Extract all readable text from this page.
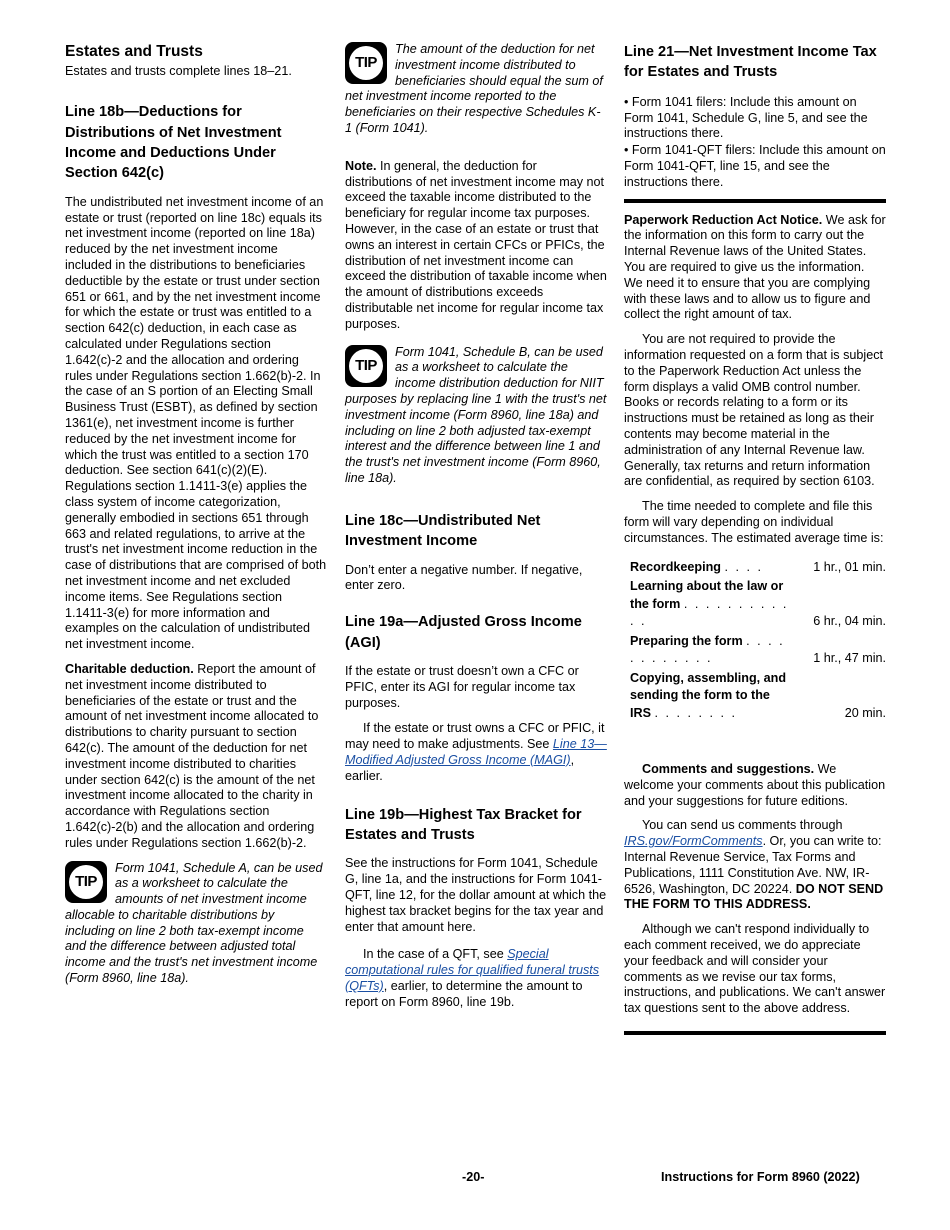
Estates and Trusts

Estates and trusts complete lines 18–21.

Line 18b—Deductions for Distributions of Net Investment Income and Deductions Under Section 642(c)

The undistributed net investment income of an estate or trust (reported on line 18c) equals its net investment income (reported on line 18a) reduced by the net investment income included in the distributions to beneficiaries deductible by the estate or trust under section 651 or 661, and by the net investment income for which the estate or trust was entitled to a section 642(c) deduction, in each case as calculated under Regulations section 1.642(c)-2 and the allocation and ordering rules under Regulations section 1.662(b)-2. In the case of an S portion of an Electing Small Business Trust (ESBT), as defined by section 1361(e), net investment income is further reduced by the net investment income for which the trust was entitled to a section 170 deduction. See section 641(c)(2)(E). Regulations section 1.1411-3(e) applies the class system of income categorization, generally embodied in sections 651 through 663 and related regulations, to arrive at the trust's net investment income reduction in the case of distributions that are comprised of both net investment income and net excluded income items. See Regulations section 1.1411-3(e) for more information and examples on the calculation of undistributed net investment income.

Charitable deduction. Report the amount of net investment income distributed to beneficiaries of the estate or trust and the amount of net investment income allocated to distributions to charity pursuant to section 642(c). The amount of the deduction for net investment income distributed to charities under section 642(c) is the amount of the net investment income allocated to the charity in accordance with Regulations section 1.642(c)-2(b) and the allocation and ordering rules under Regulations section 1.662(b)-2.

TIP
Form 1041, Schedule A, can be used as a worksheet to calculate the amounts of net investment income allocable to charitable distributions by including on line 2 both tax-exempt income and the difference between adjusted total income and the trust's net investment income (Form 8960, line 18a).
TIP
The amount of the deduction for net investment income distributed to beneficiaries should equal the sum of net investment income reported to the beneficiaries on their respective Schedules K-1 (Form 1041).

Note. In general, the deduction for distributions of net investment income may not exceed the taxable income distributed to the beneficiary for regular income tax purposes. However, in the case of an estate or trust that owns an interest in certain CFCs or PFICs, the distribution of net investment income can exceed the distribution of taxable income when the amount of distributions exceeds distributable net income for regular income tax purposes.

TIP
Form 1041, Schedule B, can be used as a worksheet to calculate the income distribution deduction for NIIT purposes by replacing line 1 with the trust's net investment income (Form 8960, line 18a) and including on line 2 both adjusted tax-exempt interest and the difference between line 1 and the trust's net investment income (Form 8960, line 18a).
Line 18c—Undistributed Net Investment Income

Don’t enter a negative number. If negative, enter zero.

Line 19a—Adjusted Gross Income (AGI)

If the estate or trust doesn’t own a CFC or PFIC, enter its AGI for regular income tax purposes.

If the estate or trust owns a CFC or PFIC, it may need to make adjustments. See Line 13—Modified Adjusted Gross Income (MAGI), earlier.

Line 19b—Highest Tax Bracket for Estates and Trusts

See the instructions for Form 1041, Schedule G, line 1a, and the instructions for Form 1041-QFT, line 12, for the dollar amount at which the highest tax bracket begins for the tax year and enter that amount here.

In the case of a QFT, see Special computational rules for qualified funeral trusts (QFTs), earlier, to determine the amount to report on Form 8960, line 19b.

Line 21—Net Investment Income Tax for Estates and Trusts
• Form 1041 filers: Include this amount on Form 1041, Schedule G, line 5, and see the instructions there.
• Form 1041-QFT filers: Include this amount on Form 1041-QFT, line 15, and see the instructions there.

Paperwork Reduction Act Notice. We ask for the information on this form to carry out the Internal Revenue laws of the United States. You are required to give us the information. We need it to ensure that you are complying with these laws and to allow us to figure and collect the right amount of tax.

You are not required to provide the information requested on a form that is subject to the Paperwork Reduction Act unless the form displays a valid OMB control number. Books or records relating to a form or its instructions must be retained as long as their contents may become material in the administration of any Internal Revenue law. Generally, tax returns and return information are confidential, as required by section 6103.

The time needed to complete and file this form will vary depending on individual circumstances. The estimated average time is:

Recordkeeping . . . .	1 hr., 01 min.
Learning about the law or the form . . . . . . . . . . . .	6 hr., 04 min.
Preparing the form . . . . . . . . . . . .	1 hr., 47 min.
Copying, assembling, and sending the form to the IRS . . . . . . . .	20 min.

Comments and suggestions. We welcome your comments about this publication and your suggestions for future editions.

You can send us comments through IRS.gov/FormComments. Or, you can write to: Internal Revenue Service, Tax Forms and Publications, 1111 Constitution Ave. NW, IR-6526, Washington, DC 20224. DO NOT SEND THE FORM TO THIS ADDRESS.

Although we can't respond individually to each comment received, we do appreciate your feedback and will consider your comments as we revise our tax forms, instructions, and publications. We can't answer tax questions sent to the above address.

-20-	Instructions for Form 8960 (2022)
